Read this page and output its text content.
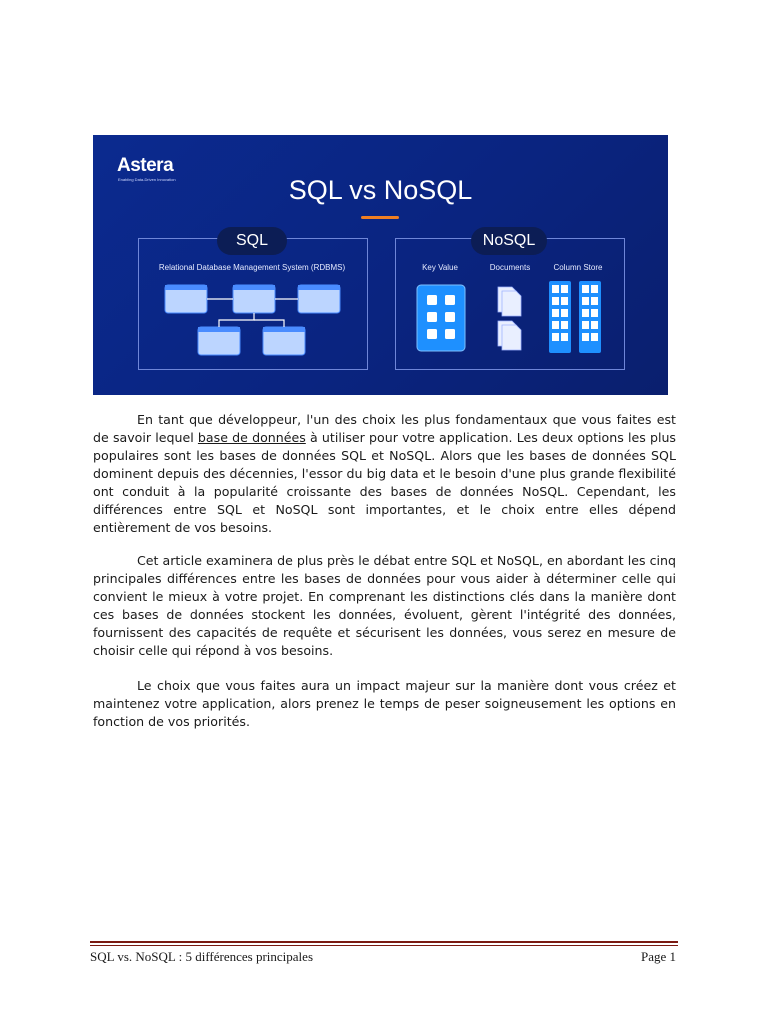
Astera
Enabling Data-Driven Innovation	SQL vs NoSQL
SQL
Relational Database Management System (RDBMS)
NoSQL
Key Value	Documents	Column Store

En tant que développeur, l'un des choix les plus fondamentaux que vous faites est de savoir lequel base de données à utiliser pour votre application. Les deux options les plus populaires sont les bases de données SQL et NoSQL. Alors que les bases de données SQL dominent depuis des décennies, l'essor du big data et le besoin d'une plus grande flexibilité ont conduit à la popularité croissante des bases de données NoSQL. Cependant, les différences entre SQL et NoSQL sont importantes, et le choix entre elles dépend entièrement de vos besoins.

Cet article examinera de plus près le débat entre SQL et NoSQL, en abordant les cinq principales différences entre les bases de données pour vous aider à déterminer celle qui convient le mieux à votre projet. En comprenant les distinctions clés dans la manière dont ces bases de données stockent les données, évoluent, gèrent l'intégrité des données, fournissent des capacités de requête et sécurisent les données, vous serez en mesure de choisir celle qui répond à vos besoins.

Le choix que vous faites aura un impact majeur sur la manière dont vous créez et maintenez votre application, alors prenez le temps de peser soigneusement les options en fonction de vos priorités.

SQL vs. NoSQL : 5 différences principales	Page 1
